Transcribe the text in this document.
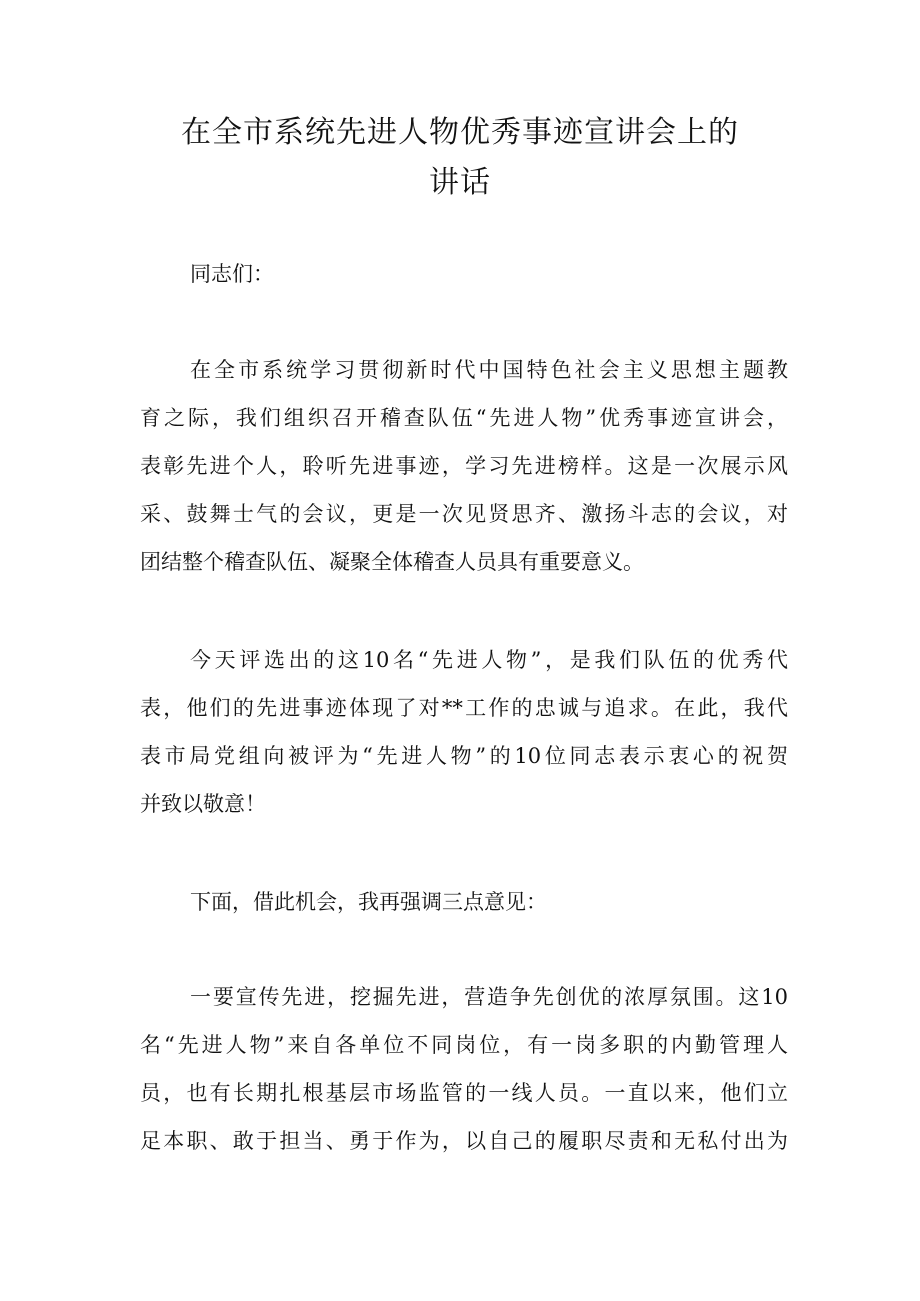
在全市系统先进人物优秀事迹宣讲会上的
讲话

同志们：

在全市系统学习贯彻新时代中国特色社会主义思想主题教
育之际，我们组织召开稽查队伍“先进人物”优秀事迹宣讲会，
表彰先进个人，聆听先进事迹，学习先进榜样。这是一次展示风
采、鼓舞士气的会议，更是一次见贤思齐、激扬斗志的会议，对
团结整个稽查队伍、凝聚全体稽查人员具有重要意义。

今天评选出的这10名“先进人物”，是我们队伍的优秀代
表，他们的先进事迹体现了对**工作的忠诚与追求。在此，我代
表市局党组向被评为“先进人物”的10位同志表示衷心的祝贺
并致以敬意！

下面，借此机会，我再强调三点意见：

一要宣传先进，挖掘先进，营造争先创优的浓厚氛围。这10
名“先进人物”来自各单位不同岗位，有一岗多职的内勤管理人
员，也有长期扎根基层市场监管的一线人员。一直以来，他们立
足本职、敢于担当、勇于作为，以自己的履职尽责和无私付出为
